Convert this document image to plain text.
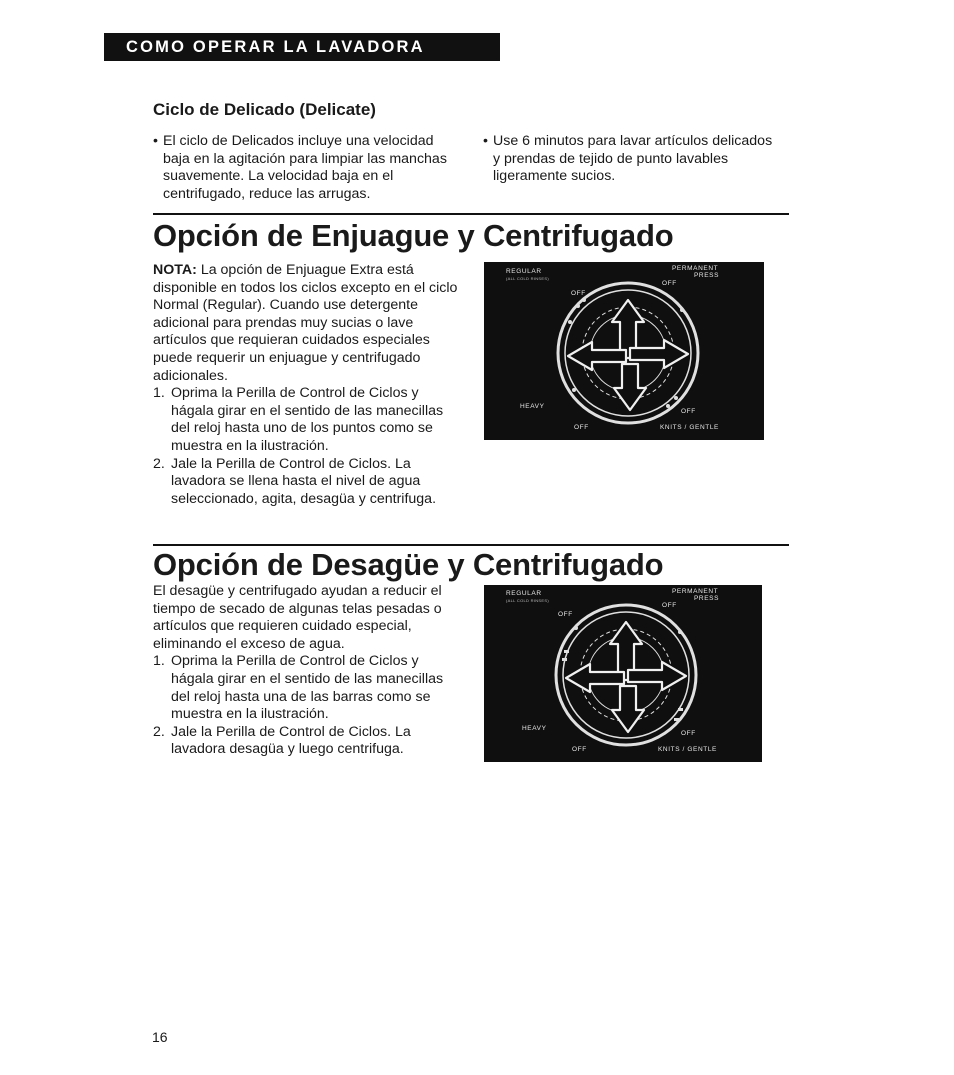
COMO OPERAR LA LAVADORA
Ciclo de Delicado (Delicate)
• El ciclo de Delicados incluye una velocidad baja en la agitación para limpiar las manchas suavemente. La velocidad baja en el centrifugado, reduce las arrugas.
• Use 6 minutos para lavar artículos delicados y prendas de tejido de punto lavables ligeramente sucios.
Opción de Enjuague y Centrifugado
NOTA: La opción de Enjuague Extra está disponible en todos los ciclos excepto en el ciclo Normal (Regular). Cuando use detergente adicional para prendas muy sucias o lave artículos que requieran cuidados especiales puede requerir un enjuague y centrifugado adicionales.
1. Oprima la Perilla de Control de Ciclos y hágala girar en el sentido de las manecillas del reloj hasta uno de los puntos como se muestra en la ilustración.
2. Jale la Perilla de Control de Ciclos. La lavadora se llena hasta el nivel de agua seleccionado, agita, desagüa y centrifuga.
REGULAR
(ALL COLD RINSES)
PERMANENT
PRESS
OFF
OFF
HEAVY
OFF
OFF	KNITS / GENTLE
Opción de Desagüe y Centrifugado
El desagüe y centrifugado ayudan a reducir el tiempo de secado de algunas telas pesadas o artículos que requieren cuidado especial, eliminando el exceso de agua.
1. Oprima la Perilla de Control de Ciclos y hágala girar en el sentido de las manecillas del reloj hasta una de las barras como se muestra en la ilustración.
2. Jale la Perilla de Control de Ciclos. La lavadora desagüa y luego centrifuga.
REGULAR
(ALL COLD RINSES)
PERMANENT
PRESS
OFF
OFF
HEAVY
OFF
OFF	KNITS / GENTLE
16
